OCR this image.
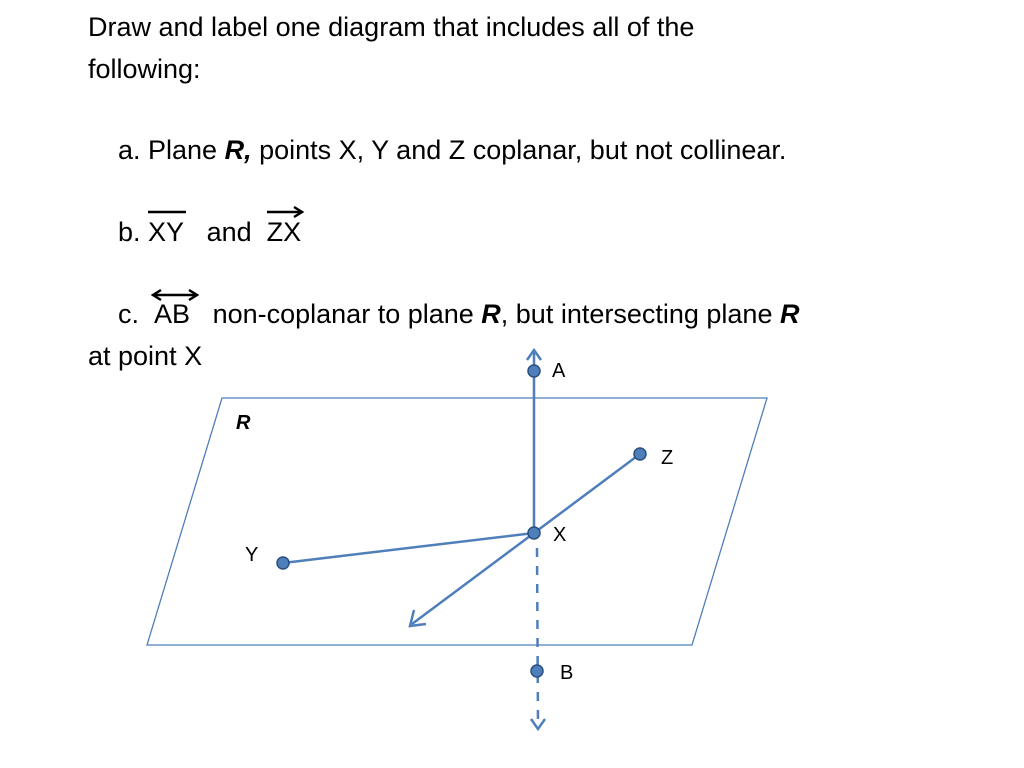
Draw and label one diagram that includes all of the
following:
a. Plane R, points X, Y and Z coplanar, but not collinear.
b.
XY and ZX
c.
AB non-coplanar to plane R, but intersecting plane R
at point X
R
A
Z
X
Y
B
